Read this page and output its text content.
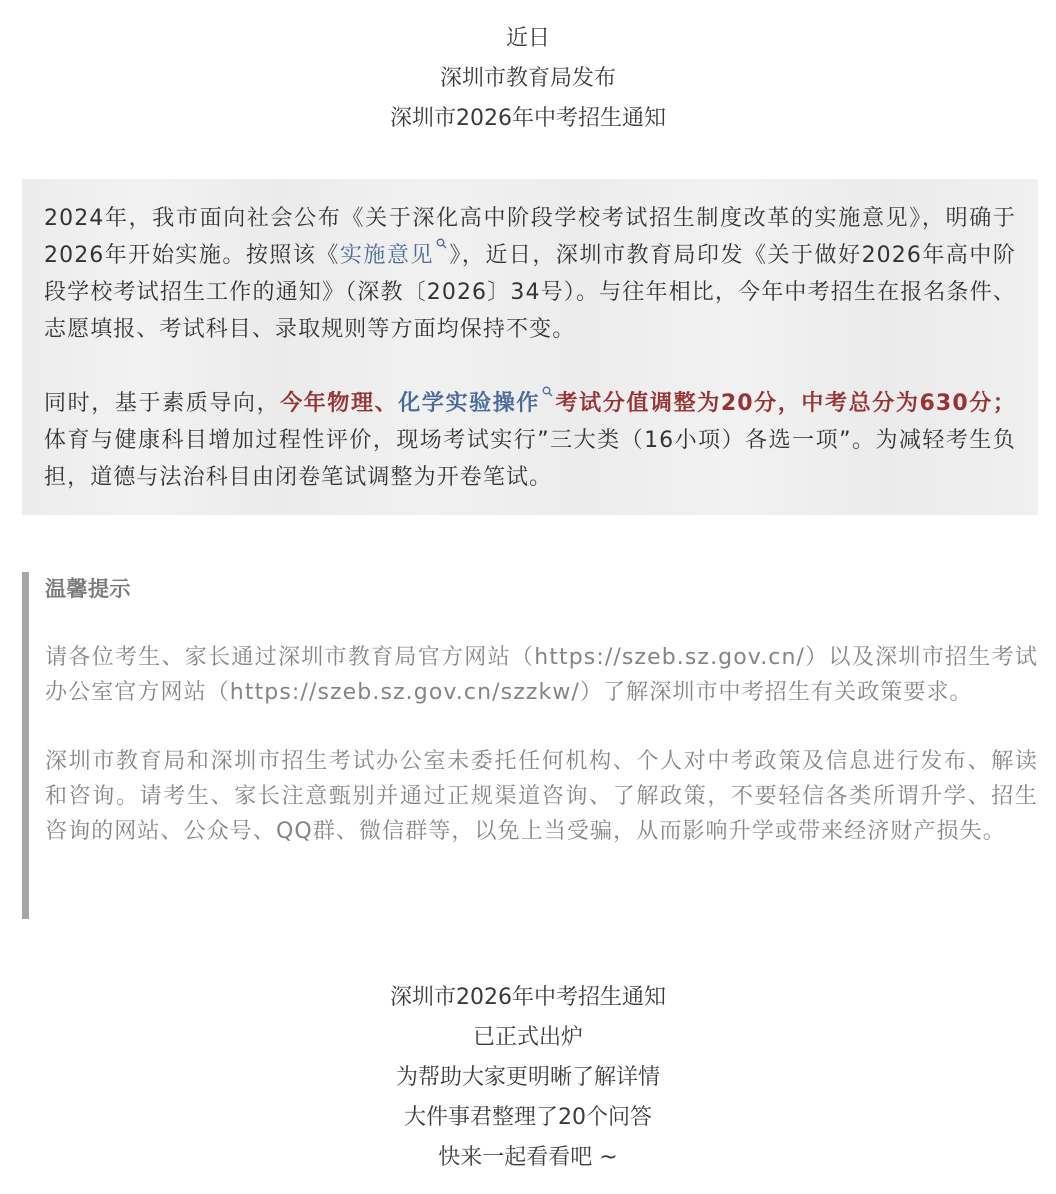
近日
深圳市教育局发布
深圳市2026年中考招生通知

2024年，我市面向社会公布《关于深化高中阶段学校考试招生制度改革的实施意见》，明确于2026年开始实施。按照该《实施意见 》，近日，深圳市教育局印发《关于做好2026年高中阶段学校考试招生工作的通知》（深教〔2026〕34号）。与往年相比，今年中考招生在报名条件、志愿填报、考试科目、录取规则等方面均保持不变。

同时，基于素质导向，今年物理、化学实验操作 考试分值调整为20分，中考总分为630分；体育与健康科目增加过程性评价，现场考试实行”三大类（16小项）各选一项”。为减轻考生负担，道德与法治科目由闭卷笔试调整为开卷笔试。

温馨提示

请各位考生、家长通过深圳市教育局官方网站（https://szeb.sz.gov.cn/）以及深圳市招生考试办公室官方网站（https://szeb.sz.gov.cn/szzkw/）了解深圳市中考招生有关政策要求。

深圳市教育局和深圳市招生考试办公室未委托任何机构、个人对中考政策及信息进行发布、解读和咨询。请考生、家长注意甄别并通过正规渠道咨询、了解政策，不要轻信各类所谓升学、招生咨询的网站、公众号、QQ群、微信群等，以免上当受骗，从而影响升学或带来经济财产损失。

深圳市2026年中考招生通知
已正式出炉
为帮助大家更明晰了解详情
大件事君整理了20个问答
快来一起看看吧 ~
